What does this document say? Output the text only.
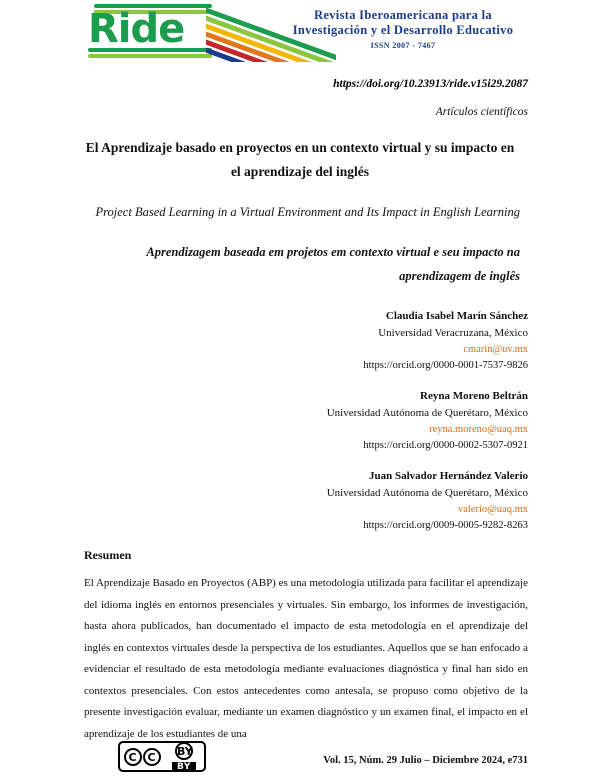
Ride	Revista Iberoamericana para la
Investigación y el Desarrollo Educativo
ISSN 2007 - 7467
https://doi.org/10.23913/ride.v15i29.2087
Artículos científicos
El Aprendizaje basado en proyectos en un contexto virtual y su impacto en el aprendizaje del inglés
Project Based Learning in a Virtual Environment and Its Impact in English Learning
Aprendizagem baseada em projetos em contexto virtual e seu impacto na aprendizagem de inglês
Claudia Isabel Marín Sánchez
Universidad Veracruzana, México
cmarin@uv.mx
https://orcid.org/0000-0001-7537-9826
Reyna Moreno Beltrán
Universidad Autónoma de Querétaro, México
reyna.moreno@uaq.mx
https://orcid.org/0000-0002-5307-0921
Juan Salvador Hernández Valerio
Universidad Autónoma de Querétaro, México
valerio@uaq.mx
https://orcid.org/0009-0005-9282-8263
Resumen

El Aprendizaje Basado en Proyectos (ABP) es una metodología utilizada para facilitar el aprendizaje del idioma inglés en entornos presenciales y virtuales. Sin embargo, los informes de investigación, hasta ahora publicados, han documentado el impacto de esta metodología en el aprendizaje del inglés en contextos virtuales desde la perspectiva de los estudiantes. Aquellos que se han enfocado a evidenciar el resultado de esta metodología mediante evaluaciones diagnóstica y final han sido en contextos presenciales. Con estos antecedentes como antesala, se propuso como objetivo de la presente investigación evaluar, mediante un examen diagnóstico y un examen final, el impacto en el aprendizaje de los estudiantes de una

C C	BY
BY
Vol. 15, Núm. 29 Julio – Diciembre 2024, e731
